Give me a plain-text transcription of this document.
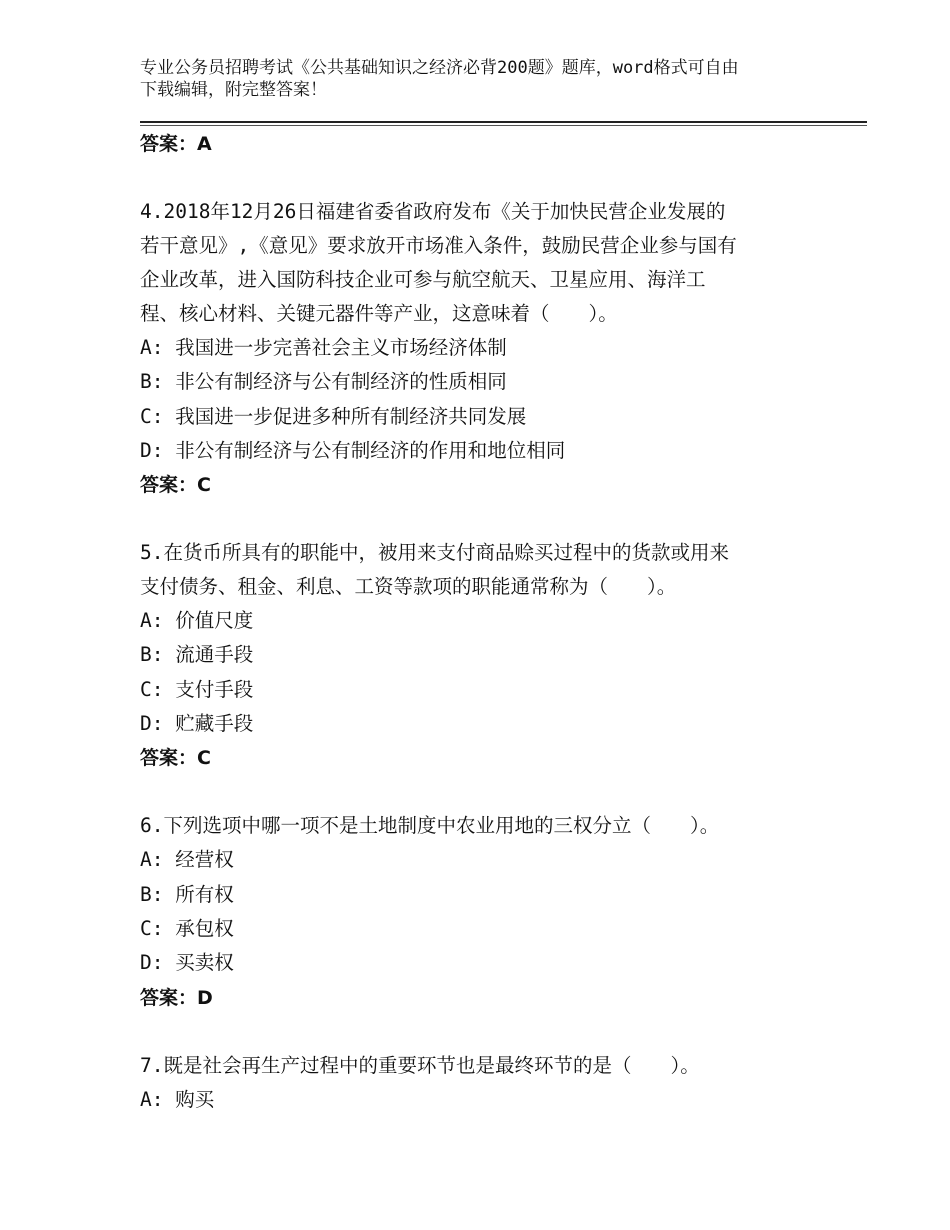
专业公务员招聘考试《公共基础知识之经济必背200题》题库，word格式可自由
下载编辑，附完整答案！
答案：A

4.2018年12月26日福建省委省政府发布《关于加快民营企业发展的

若干意见》,《意见》要求放开市场准入条件，鼓励民营企业参与国有

企业改革，进入国防科技企业可参与航空航天、卫星应用、海洋工

程、核心材料、关键元器件等产业，这意味着（　　）。

A: 我国进一步完善社会主义市场经济体制

B: 非公有制经济与公有制经济的性质相同

C: 我国进一步促进多种所有制经济共同发展

D: 非公有制经济与公有制经济的作用和地位相同

答案：C

5.在货币所具有的职能中，被用来支付商品赊买过程中的货款或用来

支付债务、租金、利息、工资等款项的职能通常称为（　　）。

A: 价值尺度

B: 流通手段

C: 支付手段

D: 贮藏手段

答案：C

6.下列选项中哪一项不是土地制度中农业用地的三权分立（　　）。

A: 经营权

B: 所有权

C: 承包权

D: 买卖权

答案：D

7.既是社会再生产过程中的重要环节也是最终环节的是（　　）。

A: 购买
